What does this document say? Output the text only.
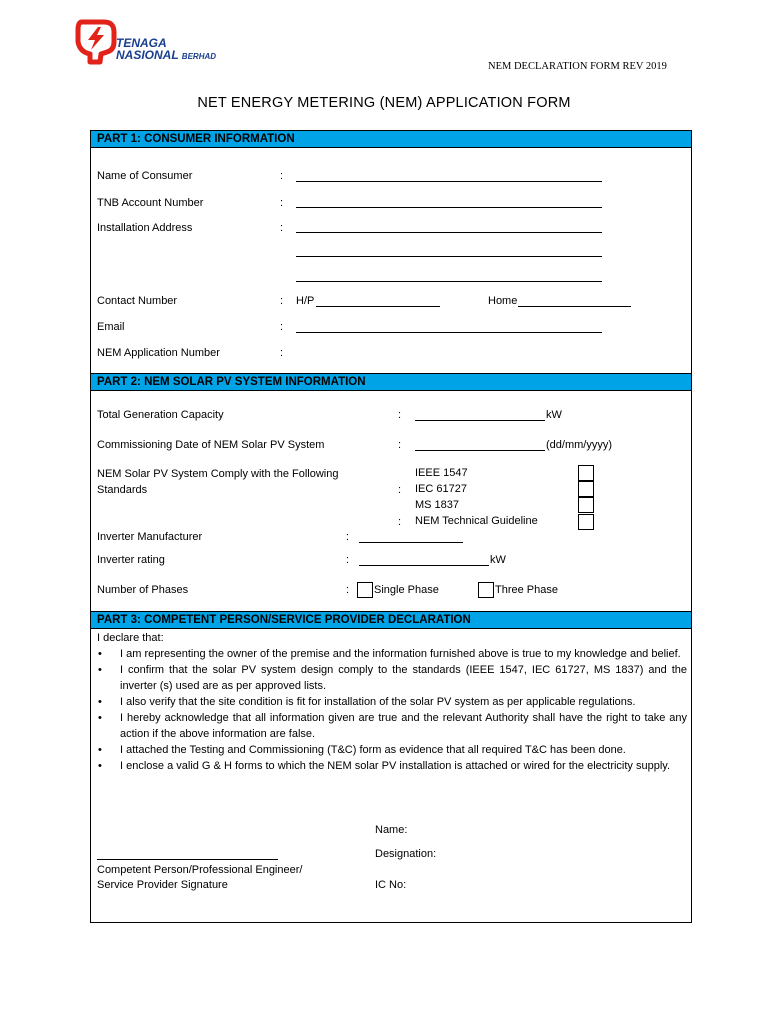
TENAGA
NASIONAL BERHAD
NEM DECLARATION FORM REV 2019
NET ENERGY METERING (NEM) APPLICATION FORM
PART 1: CONSUMER INFORMATION
Name of Consumer	:
TNB Account Number	:
Installation Address	:
Contact Number	: H/P	Home
Email	:
NEM Application Number	:
PART 2: NEM SOLAR PV SYSTEM INFORMATION
Total Generation Capacity	:	kW
Commissioning Date of NEM Solar PV System	:	(dd/mm/yyyy)
NEM Solar PV System Comply with the Following
Standards	:
:
IEEE 1547
IEC 61727
MS 1837
NEM Technical Guideline
Inverter Manufacturer	:
Inverter rating	:	kW
Number of Phases	: Single Phase	Three Phase
PART 3: COMPETENT PERSON/SERVICE PROVIDER DECLARATION

I declare that:

• I am representing the owner of the premise and the information furnished above is true to my knowledge and belief.
• I confirm that the solar PV system design comply to the standards (IEEE 1547, IEC 61727, MS 1837) and the inverter (s) used are as per approved lists.
• I also verify that the site condition is fit for installation of the solar PV system as per applicable regulations.
• I hereby acknowledge that all information given are true and the relevant Authority shall have the right to take any action if the above information are false.
• I attached the Testing and Commissioning (T&C) form as evidence that all required T&C has been done.
• I enclose a valid G & H forms to which the NEM solar PV installation is attached or wired for the electricity supply.
Name:
Designation:
IC No:
Competent Person/Professional Engineer/
Service Provider Signature
